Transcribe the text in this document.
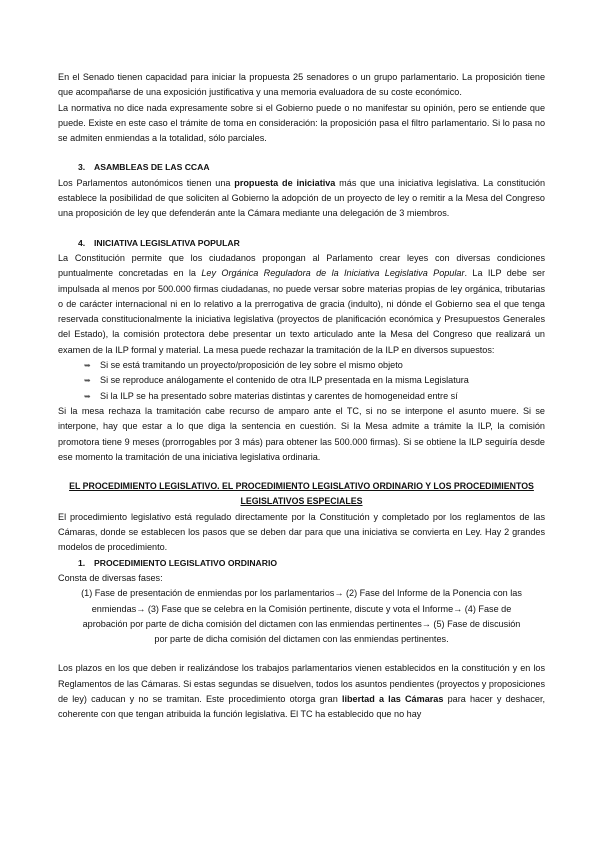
En el Senado tienen capacidad para iniciar la propuesta 25 senadores o un grupo parlamentario. La proposición tiene que acompañarse de una exposición justificativa y una memoria evaluadora de su coste económico.

La normativa no dice nada expresamente sobre si el Gobierno puede o no manifestar su opinión, pero se entiende que puede. Existe en este caso el trámite de toma en consideración: la proposición pasa el filtro parlamentario. Si lo pasa no se admiten enmiendas a la totalidad, sólo parciales.

3. ASAMBLEAS DE LAS CCAA

Los Parlamentos autonómicos tienen una propuesta de iniciativa más que una iniciativa legislativa. La constitución establece la posibilidad de que soliciten al Gobierno la adopción de un proyecto de ley o remitir a la Mesa del Congreso una proposición de ley que defenderán ante la Cámara mediante una delegación de 3 miembros.

4. INICIATIVA LEGISLATIVA POPULAR

La Constitución permite que los ciudadanos propongan al Parlamento crear leyes con diversas condiciones puntualmente concretadas en la Ley Orgánica Reguladora de la Iniciativa Legislativa Popular. La ILP debe ser impulsada al menos por 500.000 firmas ciudadanas, no puede versar sobre materias propias de ley orgánica, tributarias o de carácter internacional ni en lo relativo a la prerrogativa de gracia (indulto), ni dónde el Gobierno sea el que tenga reservada constitucionalmente la iniciativa legislativa (proyectos de planificación económica y Presupuestos Generales del Estado), la comisión protectora debe presentar un texto articulado ante la Mesa del Congreso que realizará un examen de la ILP formal y material. La mesa puede rechazar la tramitación de la ILP en diversos supuestos:

➥ Si se está tramitando un proyecto/proposición de ley sobre el mismo objeto
➥ Si se reproduce análogamente el contenido de otra ILP presentada en la misma Legislatura
➥ Si la ILP se ha presentado sobre materias distintas y carentes de homogeneidad entre sí

Si la mesa rechaza la tramitación cabe recurso de amparo ante el TC, si no se interpone el asunto muere. Si se interpone, hay que estar a lo que diga la sentencia en cuestión. Si la Mesa admite a trámite la ILP, la comisión promotora tiene 9 meses (prorrogables por 3 más) para obtener las 500.000 firmas). Si se obtiene la ILP seguiría desde ese momento la tramitación de una iniciativa legislativa ordinaria.

EL PROCEDIMIENTO LEGISLATIVO. EL PROCEDIMIENTO LEGISLATIVO ORDINARIO Y LOS PROCEDIMIENTOS

LEGISLATIVOS ESPECIALES

El procedimiento legislativo está regulado directamente por la Constitución y completado por los reglamentos de las Cámaras, donde se establecen los pasos que se deben dar para que una iniciativa se convierta en Ley. Hay 2 grandes modelos de procedimiento.

1. PROCEDIMIENTO LEGISLATIVO ORDINARIO

Consta de diversas fases:

(1) Fase de presentación de enmiendas por los parlamentarios→ (2) Fase del Informe de la Ponencia con las

enmiendas→ (3) Fase que se celebra en la Comisión pertinente, discute y vota el Informe→ (4) Fase de

aprobación por parte de dicha comisión del dictamen con las enmiendas pertinentes→ (5) Fase de discusión

por parte de dicha comisión del dictamen con las enmiendas pertinentes.

Los plazos en los que deben ir realizándose los trabajos parlamentarios vienen establecidos en la constitución y en los Reglamentos de las Cámaras. Si estas segundas se disuelven, todos los asuntos pendientes (proyectos y proposiciones de ley) caducan y no se tramitan. Este procedimiento otorga gran libertad a las Cámaras para hacer y deshacer, coherente con que tengan atribuida la función legislativa. El TC ha establecido que no hay
